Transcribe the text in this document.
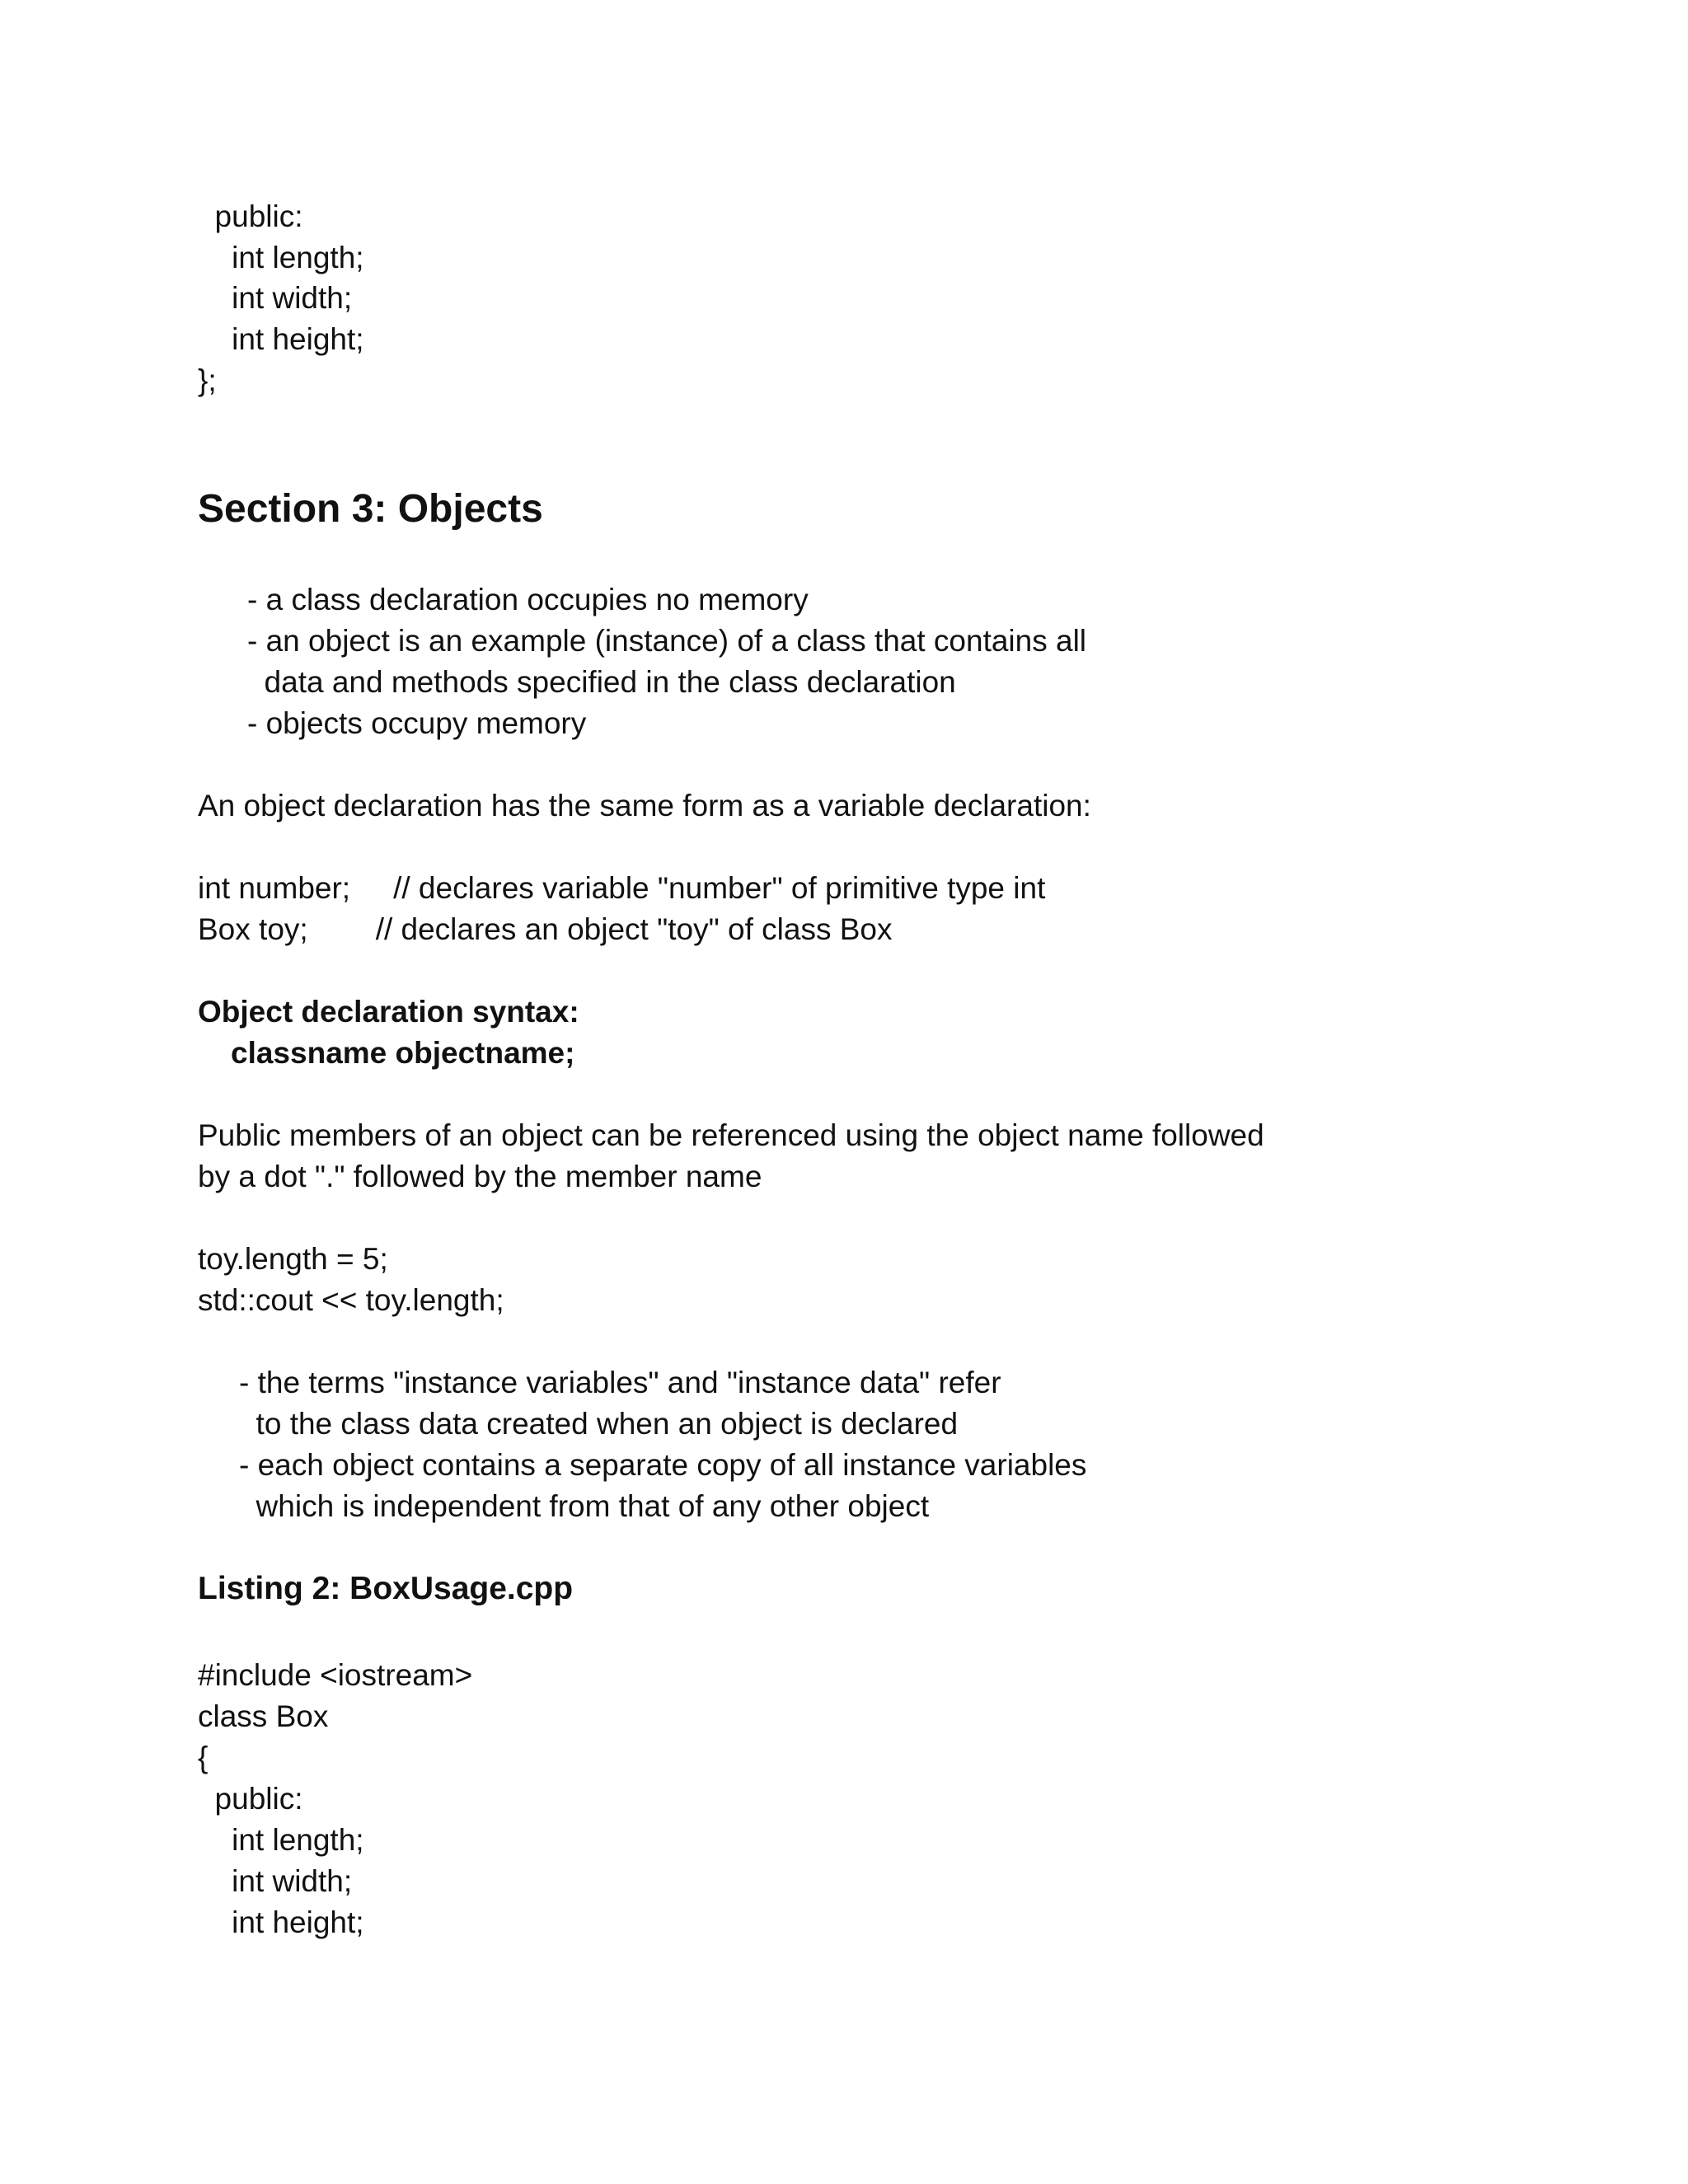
public:

int length;

int width;

int height;

};

Section 3: Objects

- a class declaration occupies no memory

- an object is an example (instance) of a class that contains all

data and methods specified in the class declaration

- objects occupy memory

An object declaration has the same form as a variable declaration:

int number; // declares variable "number" of primitive type int

Box toy; // declares an object "toy" of class Box

Object declaration syntax:

classname objectname;

Public members of an object can be referenced using the object name followed

by a dot "." followed by the member name

toy.length = 5;

std::cout << toy.length;

- the terms "instance variables" and "instance data" refer

to the class data created when an object is declared

- each object contains a separate copy of all instance variables

which is independent from that of any other object

Listing 2: BoxUsage.cpp

#include <iostream>

class Box

{

public:

int length;

int width;

int height;
